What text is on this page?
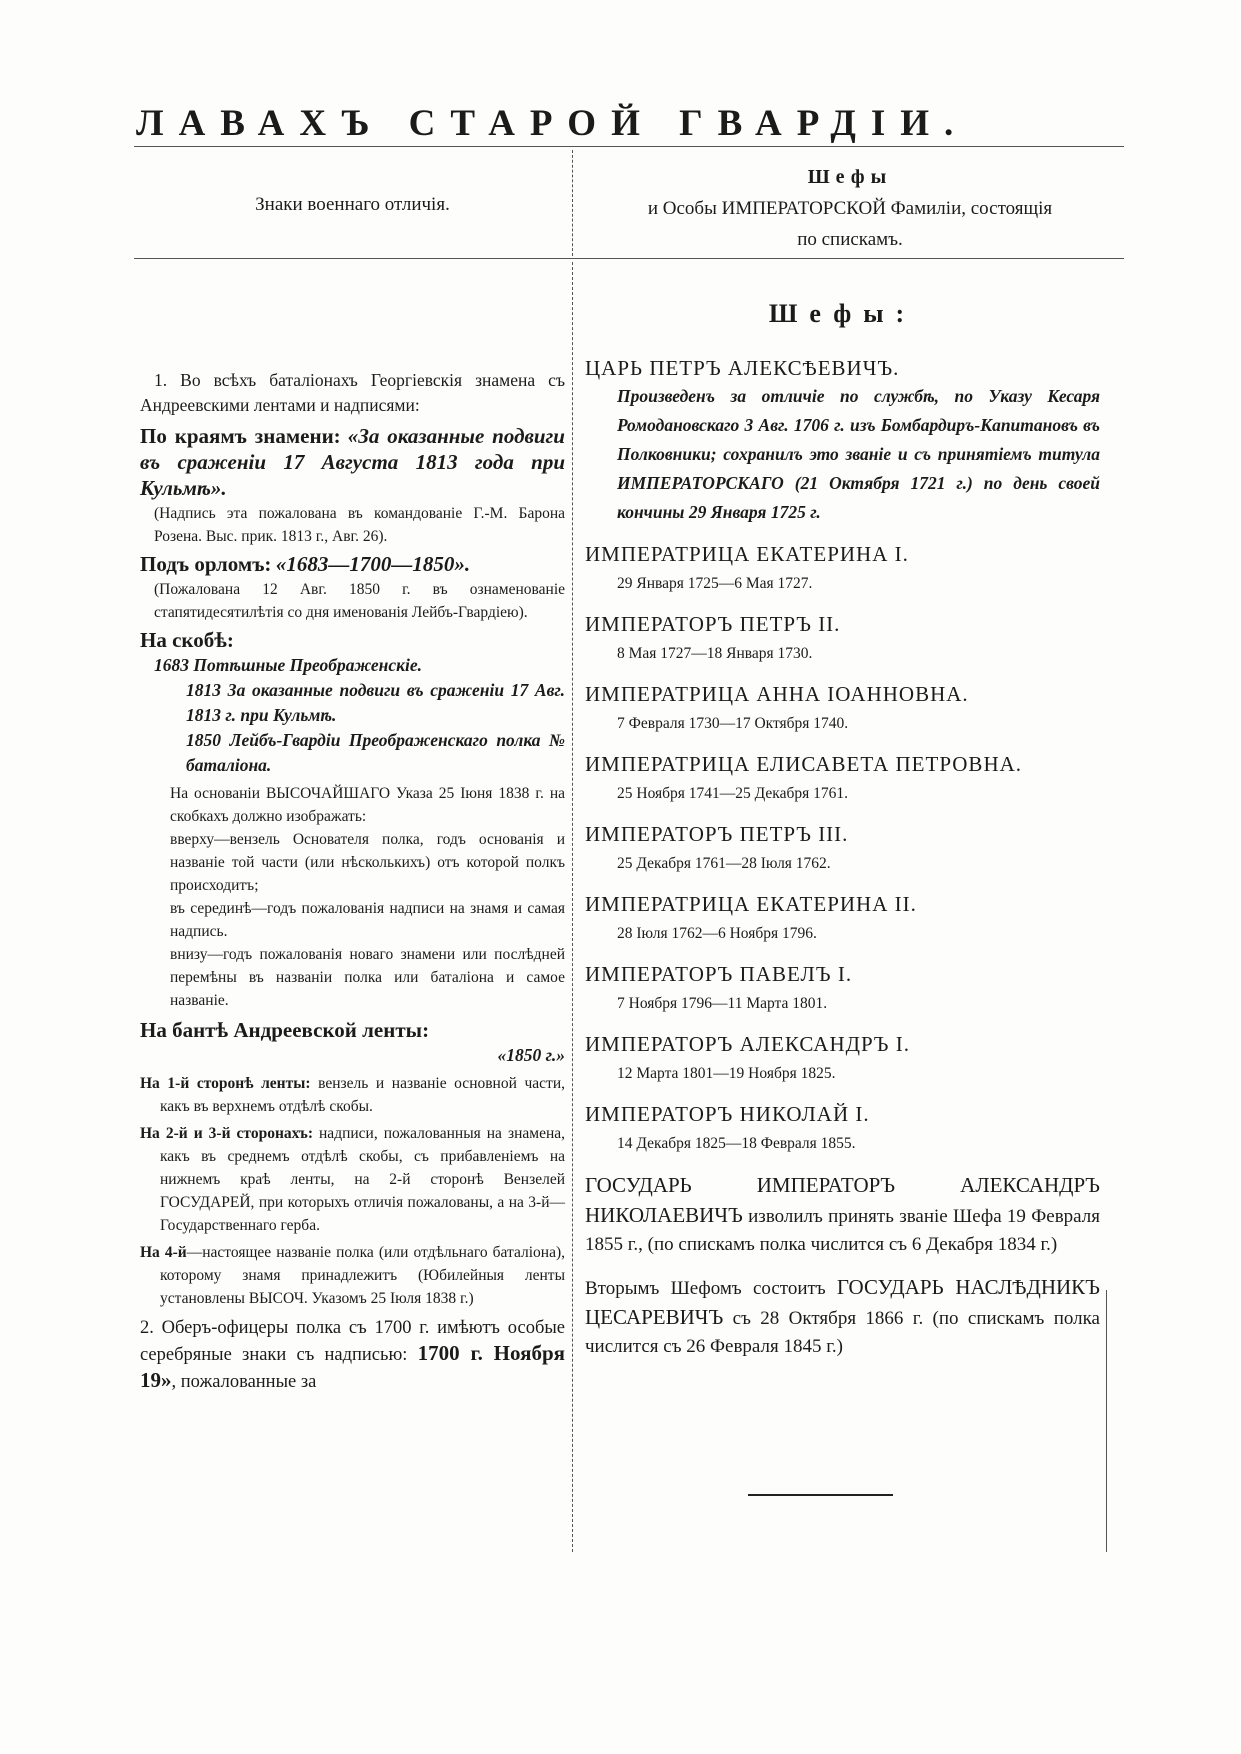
ЛАВАХЪ СТАРОЙ ГВАРДІИ.
Знаки военнаго отличія.
Шефы
и Особы ИМПЕРАТОРСКОЙ Фамиліи, состоящія
по спискамъ.

1. Во всѣхъ баталіонахъ Георгіевскія знамена съ Андреевскими лентами и надписями:

По краямъ знамени: «За оказанные подвиги въ сраженіи 17 Августа 1813 года при Кульмѣ».

(Надпись эта пожалована въ командованіе Г.-М. Барона Розена. Выс. прик. 1813 г., Авг. 26).

Подъ орломъ: «1683—1700—1850».

(Пожалована 12 Авг. 1850 г. въ ознаменованіе стапятидесятилѣтія со дня именованія Лейбъ-Гвардіею).

На скобѣ:

1683 Потѣшные Преображенскіе.

1813 За оказанные подвиги въ сраженіи 17 Авг. 1813 г. при Кульмѣ.

1850 Лейбъ-Гвардіи Преображенскаго полка № баталіона.

На основаніи ВЫСОЧАЙШАГО Указа 25 Іюня 1838 г. на скобкахъ должно изображать:

вверху—вензель Основателя полка, годъ основанія и названіе той части (или нѣсколькихъ) отъ которой полкъ происходитъ;

въ серединѣ—годъ пожалованія надписи на знамя и самая надпись.

внизу—годъ пожалованія новаго знамени или послѣдней перемѣны въ названіи полка или баталіона и самое названіе.

На бантѣ Андреевской ленты:

«1850 г.»

На 1-й сторонѣ ленты: вензель и названіе основной части, какъ въ верхнемъ отдѣлѣ скобы.

На 2-й и 3-й сторонахъ: надписи, пожалованныя на знамена, какъ въ среднемъ отдѣлѣ скобы, съ прибавленіемъ на нижнемъ краѣ ленты, на 2-й сторонѣ Вензелей ГОСУДАРЕЙ, при которыхъ отличія пожалованы, а на 3-й—Государственнаго герба.

На 4-й—настоящее названіе полка (или отдѣльнаго баталіона), которому знамя принадлежитъ (Юбилейныя ленты установлены ВЫСОЧ. Указомъ 25 Іюля 1838 г.)

2. Оберъ-офицеры полка съ 1700 г. имѣютъ особые серебряные знаки съ надписью: 1700 г. Ноября 19», пожалованные за

Шефы:

ЦАРЬ ПЕТРЪ АЛЕКСѢЕВИЧЪ.

Произведенъ за отличіе по службѣ, по Указу Кесаря Ромодановскаго 3 Авг. 1706 г. изъ Бомбардиръ-Капитановъ въ Полковники; сохранилъ это званіе и съ принятіемъ титула ИМПЕРАТОРСКАГО (21 Октября 1721 г.) по день своей кончины 29 Января 1725 г.

ИМПЕРАТРИЦА ЕКАТЕРИНА I.

29 Января 1725—6 Мая 1727.

ИМПЕРАТОРЪ ПЕТРЪ II.

8 Мая 1727—18 Января 1730.

ИМПЕРАТРИЦА АННА ІОАННОВНА.

7 Февраля 1730—17 Октября 1740.

ИМПЕРАТРИЦА ЕЛИСАВЕТА ПЕТРОВНА.

25 Ноября 1741—25 Декабря 1761.

ИМПЕРАТОРЪ ПЕТРЪ III.

25 Декабря 1761—28 Іюля 1762.

ИМПЕРАТРИЦА ЕКАТЕРИНА II.

28 Іюля 1762—6 Ноября 1796.

ИМПЕРАТОРЪ ПАВЕЛЪ I.

7 Ноября 1796—11 Марта 1801.

ИМПЕРАТОРЪ АЛЕКСАНДРЪ I.

12 Марта 1801—19 Ноября 1825.

ИМПЕРАТОРЪ НИКОЛАЙ I.

14 Декабря 1825—18 Февраля 1855.

ГОСУДАРЬ ИМПЕРАТОРЪ АЛЕКСАНДРЪ НИКОЛАЕВИЧЪ изволилъ принять званіе Шефа 19 Февраля 1855 г., (по спискамъ полка числится съ 6 Декабря 1834 г.)

Вторымъ Шефомъ состоитъ ГОСУДАРЬ НАСЛѢДНИКЪ ЦЕСАРЕВИЧЪ съ 28 Октября 1866 г. (по спискамъ полка числится съ 26 Февраля 1845 г.)
